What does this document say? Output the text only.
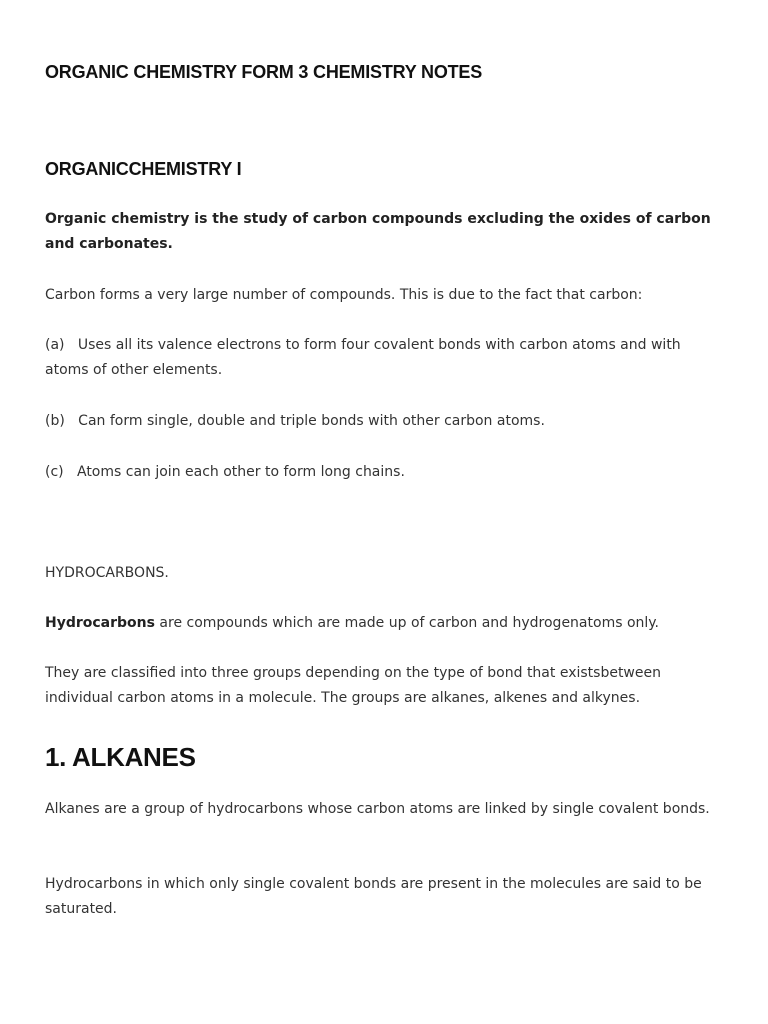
ORGANIC CHEMISTRY FORM 3 CHEMISTRY NOTES
ORGANICCHEMISTRY I

Organic chemistry is the study of carbon compounds excluding the oxides of carbon and carbonates.

Carbon forms a very large number of compounds. This is due to the fact that carbon:

(a) Uses all its valence electrons to form four covalent bonds with carbon atoms and with atoms of other elements.

(b) Can form single, double and triple bonds with other carbon atoms.

(c) Atoms can join each other to form long chains.

HYDROCARBONS.

Hydrocarbons are compounds which are made up of carbon and hydrogenatoms only.

They are classified into three groups depending on the type of bond that existsbetween individual carbon atoms in a molecule. The groups are alkanes, alkenes and alkynes.

1. ALKANES

Alkanes are a group of hydrocarbons whose carbon atoms are linked by single covalent bonds.

Hydrocarbons in which only single covalent bonds are present in the molecules are said to be saturated.
